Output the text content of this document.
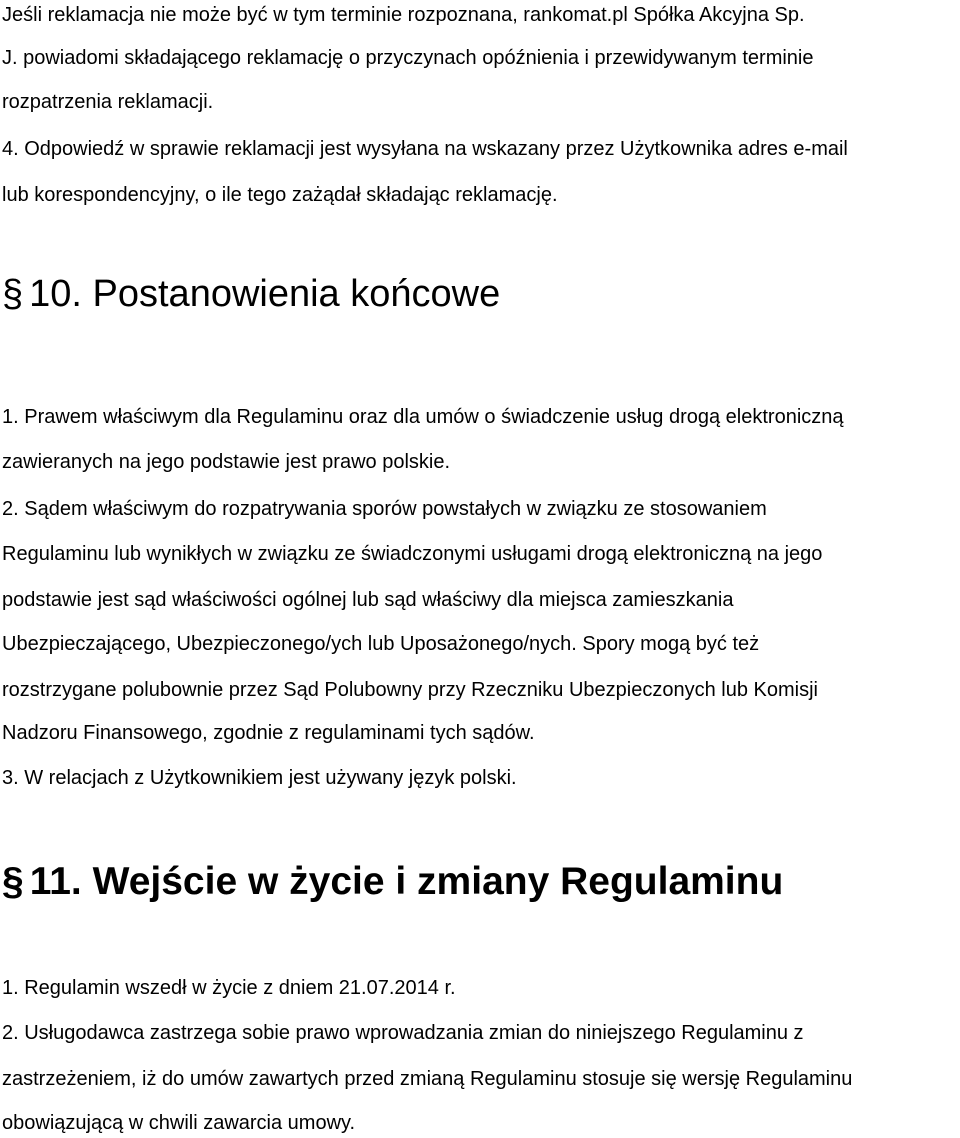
Jeśli reklamacja nie może być w tym terminie rozpoznana, rankomat.pl Spółka Akcyjna Sp.

J. powiadomi składającego reklamację o przyczynach opóźnienia i przewidywanym terminie

rozpatrzenia reklamacji.

4. Odpowiedź w sprawie reklamacji jest wysyłana na wskazany przez Użytkownika adres e-mail

lub korespondencyjny, o ile tego zażądał składając reklamację.

§ 10. Postanowienia końcowe

1. Prawem właściwym dla Regulaminu oraz dla umów o świadczenie usług drogą elektroniczną

zawieranych na jego podstawie jest prawo polskie.

2. Sądem właściwym do rozpatrywania sporów powstałych w związku ze stosowaniem

Regulaminu lub wynikłych w związku ze świadczonymi usługami drogą elektroniczną na jego

podstawie jest sąd właściwości ogólnej lub sąd właściwy dla miejsca zamieszkania

Ubezpieczającego, Ubezpieczonego/ych lub Uposażonego/nych. Spory mogą być też

rozstrzygane polubownie przez Sąd Polubowny przy Rzeczniku Ubezpieczonych lub Komisji

Nadzoru Finansowego, zgodnie z regulaminami tych sądów.

3. W relacjach z Użytkownikiem jest używany język polski.

§ 11. Wejście w życie i zmiany Regulaminu

1. Regulamin wszedł w życie z dniem 21.07.2014 r.

2. Usługodawca zastrzega sobie prawo wprowadzania zmian do niniejszego Regulaminu z

zastrzeżeniem, iż do umów zawartych przed zmianą Regulaminu stosuje się wersję Regulaminu

obowiązującą w chwili zawarcia umowy.
